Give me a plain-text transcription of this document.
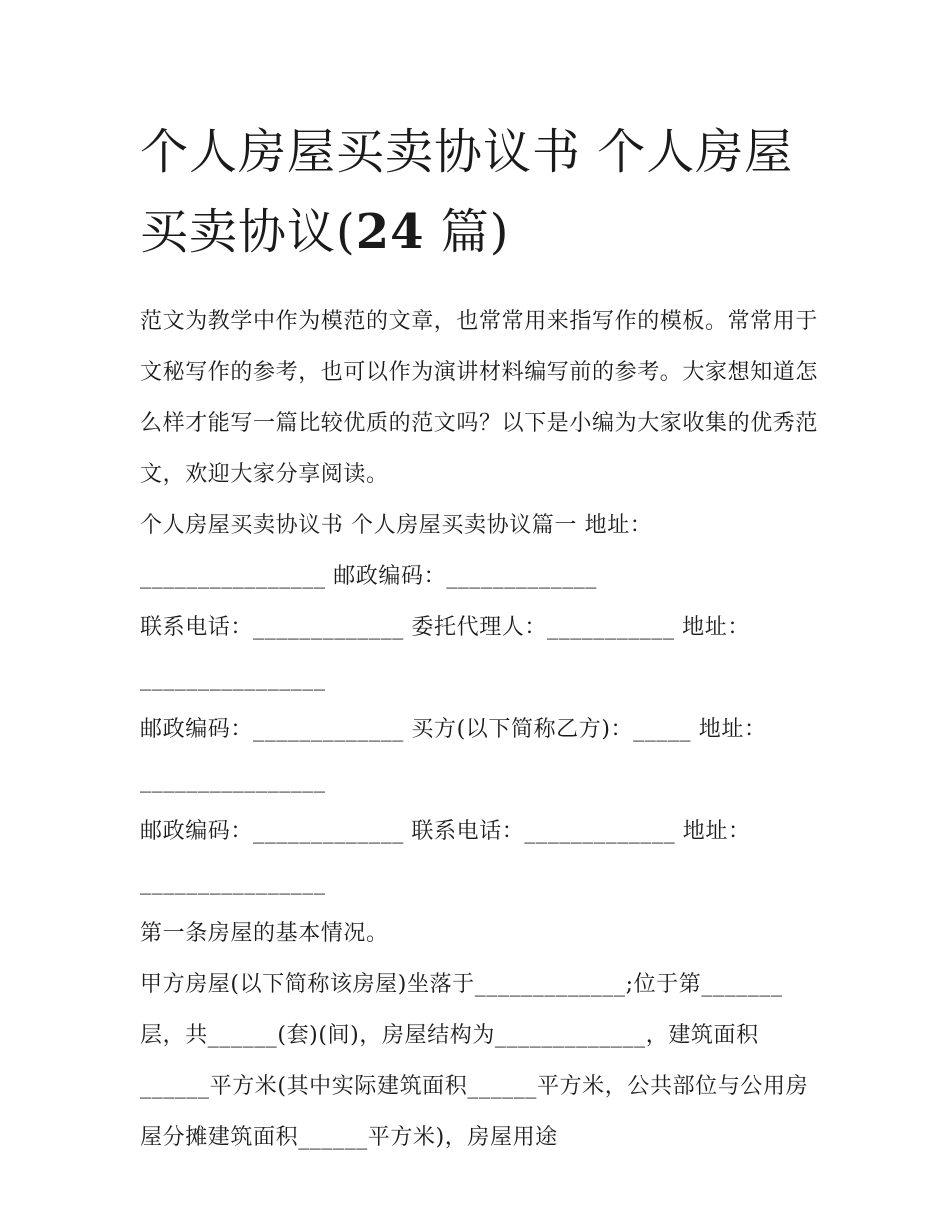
个人房屋买卖协议书 个人房屋买卖协议(24 篇)

范文为教学中作为模范的文章，也常常用来指写作的模板。常常用于文秘写作的参考，也可以作为演讲材料编写前的参考。大家想知道怎么样才能写一篇比较优质的范文吗？以下是小编为大家收集的优秀范文，欢迎大家分享阅读。

个人房屋买卖协议书 个人房屋买卖协议篇一 地址：________________ 邮政编码：_____________

联系电话：_____________ 委托代理人：___________ 地址：________________

邮政编码：_____________ 买方(以下简称乙方)：_____ 地址：________________

邮政编码：_____________ 联系电话：_____________ 地址：________________

第一条房屋的基本情况。

甲方房屋(以下简称该房屋)坐落于_____________;位于第_______层，共______(套)(间)，房屋结构为_____________，建筑面积______平方米(其中实际建筑面积______平方米，公共部位与公用房屋分摊建筑面积______平方米)，房屋用途
